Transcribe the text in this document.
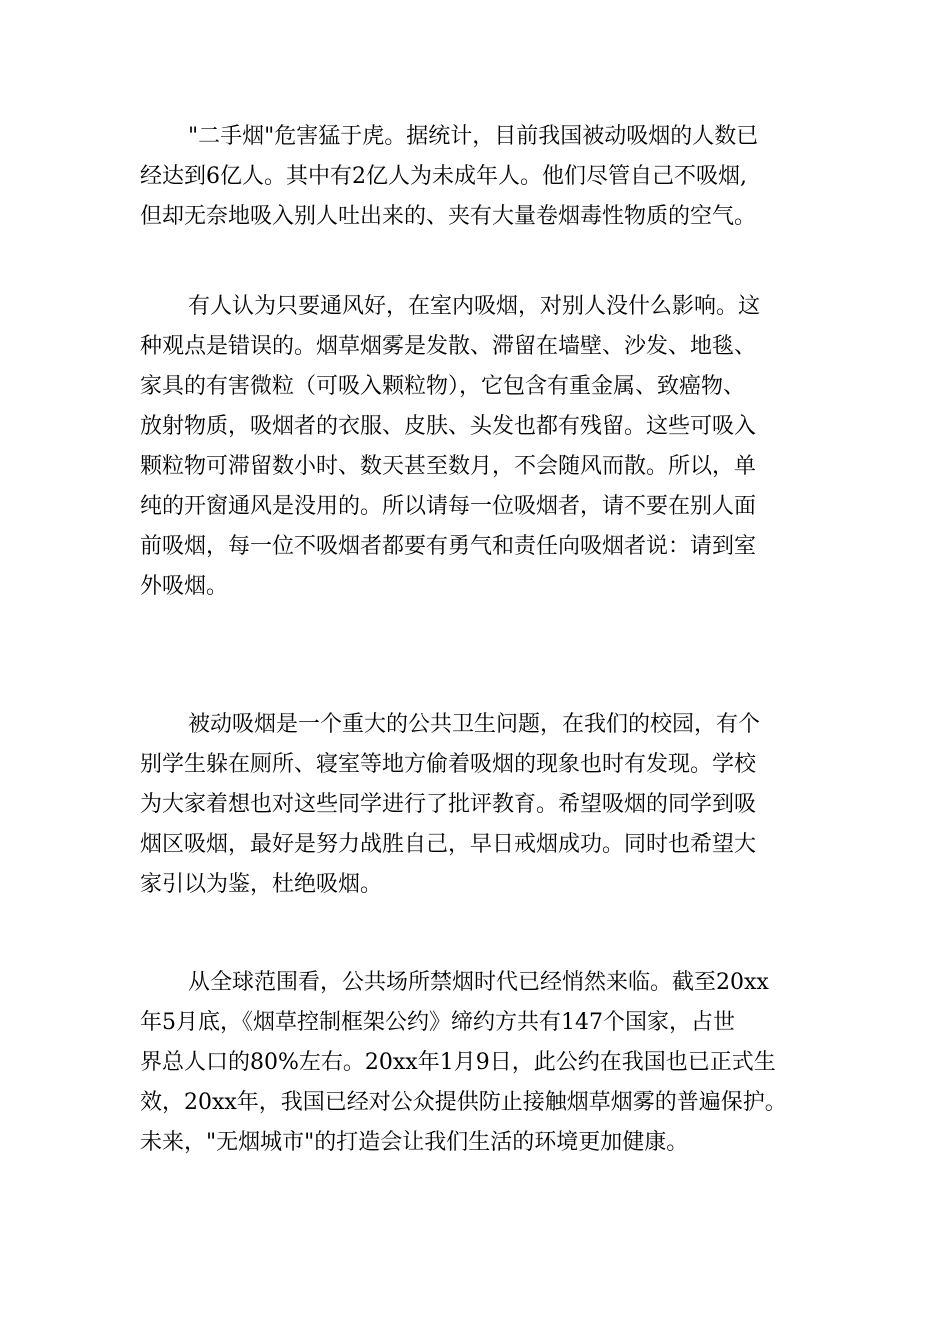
"二手烟"危害猛于虎。据统计，目前我国被动吸烟的人数已
经达到6亿人。其中有2亿人为未成年人。他们尽管自己不吸烟,
但却无奈地吸入别人吐出来的、夹有大量卷烟毒性物质的空气。
有人认为只要通风好，在室内吸烟，对别人没什么影响。这
种观点是错误的。烟草烟雾是发散、滞留在墙壁、沙发、地毯、
家具的有害微粒（可吸入颗粒物），它包含有重金属、致癌物、
放射物质，吸烟者的衣服、皮肤、头发也都有残留。这些可吸入
颗粒物可滞留数小时、数天甚至数月，不会随风而散。所以，单
纯的开窗通风是没用的。所以请每一位吸烟者，请不要在别人面
前吸烟，每一位不吸烟者都要有勇气和责任向吸烟者说：请到室
外吸烟。
被动吸烟是一个重大的公共卫生问题，在我们的校园，有个
别学生躲在厕所、寝室等地方偷着吸烟的现象也时有发现。学校
为大家着想也对这些同学进行了批评教育。希望吸烟的同学到吸
烟区吸烟，最好是努力战胜自己，早日戒烟成功。同时也希望大
家引以为鉴，杜绝吸烟。
从全球范围看，公共场所禁烟时代已经悄然来临。截至20xx
年5月底，《烟草控制框架公约》缔约方共有147个国家，占世
界总人口的80%左右。20xx年1月9日，此公约在我国也已正式生
效，20xx年，我国已经对公众提供防止接触烟草烟雾的普遍保护。
未来，"无烟城市"的打造会让我们生活的环境更加健康。
